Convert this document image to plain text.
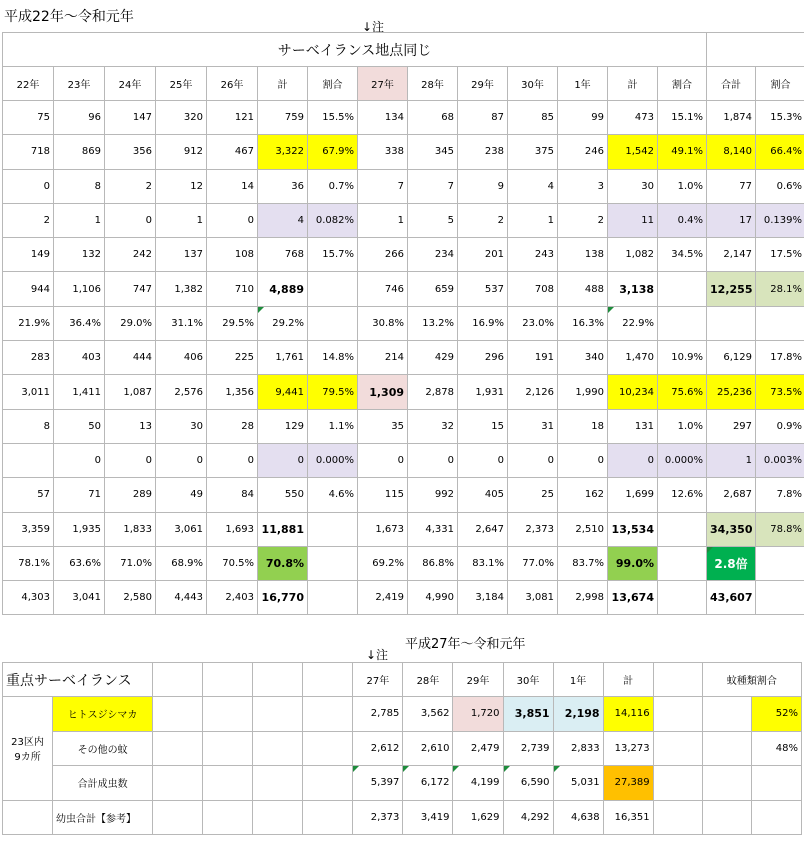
平成22年～令和元年
↓注
サーベイランス地点同じ															
22年	23年	24年	25年	26年	計	割合	27年	28年	29年	30年	1年	計	割合	合計	割合
75	96	147	320	121	759	15.5%	134	68	87	85	99	473	15.1%	1,874	15.3%
718	869	356	912	467	3,322	67.9%	338	345	238	375	246	1,542	49.1%	8,140	66.4%
0	8	2	12	14	36	0.7%	7	7	9	4	3	30	1.0%	77	0.6%
2	1	0	1	0	4	0.082%	1	5	2	1	2	11	0.4%	17	0.139%
149	132	242	137	108	768	15.7%	266	234	201	243	138	1,082	34.5%	2,147	17.5%
944	1,106	747	1,382	710	4,889		746	659	537	708	488	3,138		12,255	28.1%
21.9%	36.4%	29.0%	31.1%	29.5%	29.2%		30.8%	13.2%	16.9%	23.0%	16.3%	22.9%			
283	403	444	406	225	1,761	14.8%	214	429	296	191	340	1,470	10.9%	6,129	17.8%
3,011	1,411	1,087	2,576	1,356	9,441	79.5%	1,309	2,878	1,931	2,126	1,990	10,234	75.6%	25,236	73.5%
8	50	13	30	28	129	1.1%	35	32	15	31	18	131	1.0%	297	0.9%
	0	0	0	0	0	0.000%	0	0	0	0	0	0	0.000%	1	0.003%
57	71	289	49	84	550	4.6%	115	992	405	25	162	1,699	12.6%	2,687	7.8%
3,359	1,935	1,833	3,061	1,693	11,881		1,673	4,331	2,647	2,373	2,510	13,534		34,350	78.8%
78.1%	63.6%	71.0%	68.9%	70.5%	70.8%		69.2%	86.8%	83.1%	77.0%	83.7%	99.0%		2.8倍	
4,303	3,041	2,580	4,443	2,403	16,770		2,419	4,990	3,184	3,081	2,998	13,674		43,607	
平成27年～令和元年
↓注
重点サーベイランス						27年	28年	29年	30年	1年	計		蚊種類割合	

23区内
9カ所	ヒトスジシマカ					2,785	3,562	1,720	3,851	2,198	14,116			52%
	その他の蚊					2,612	2,610	2,479	2,739	2,833	13,273			48%
	合計成虫数					5,397	6,172	4,199	6,590	5,031	27,389			
	幼虫合計【参考】					2,373	3,419	1,629	4,292	4,638	16,351			
